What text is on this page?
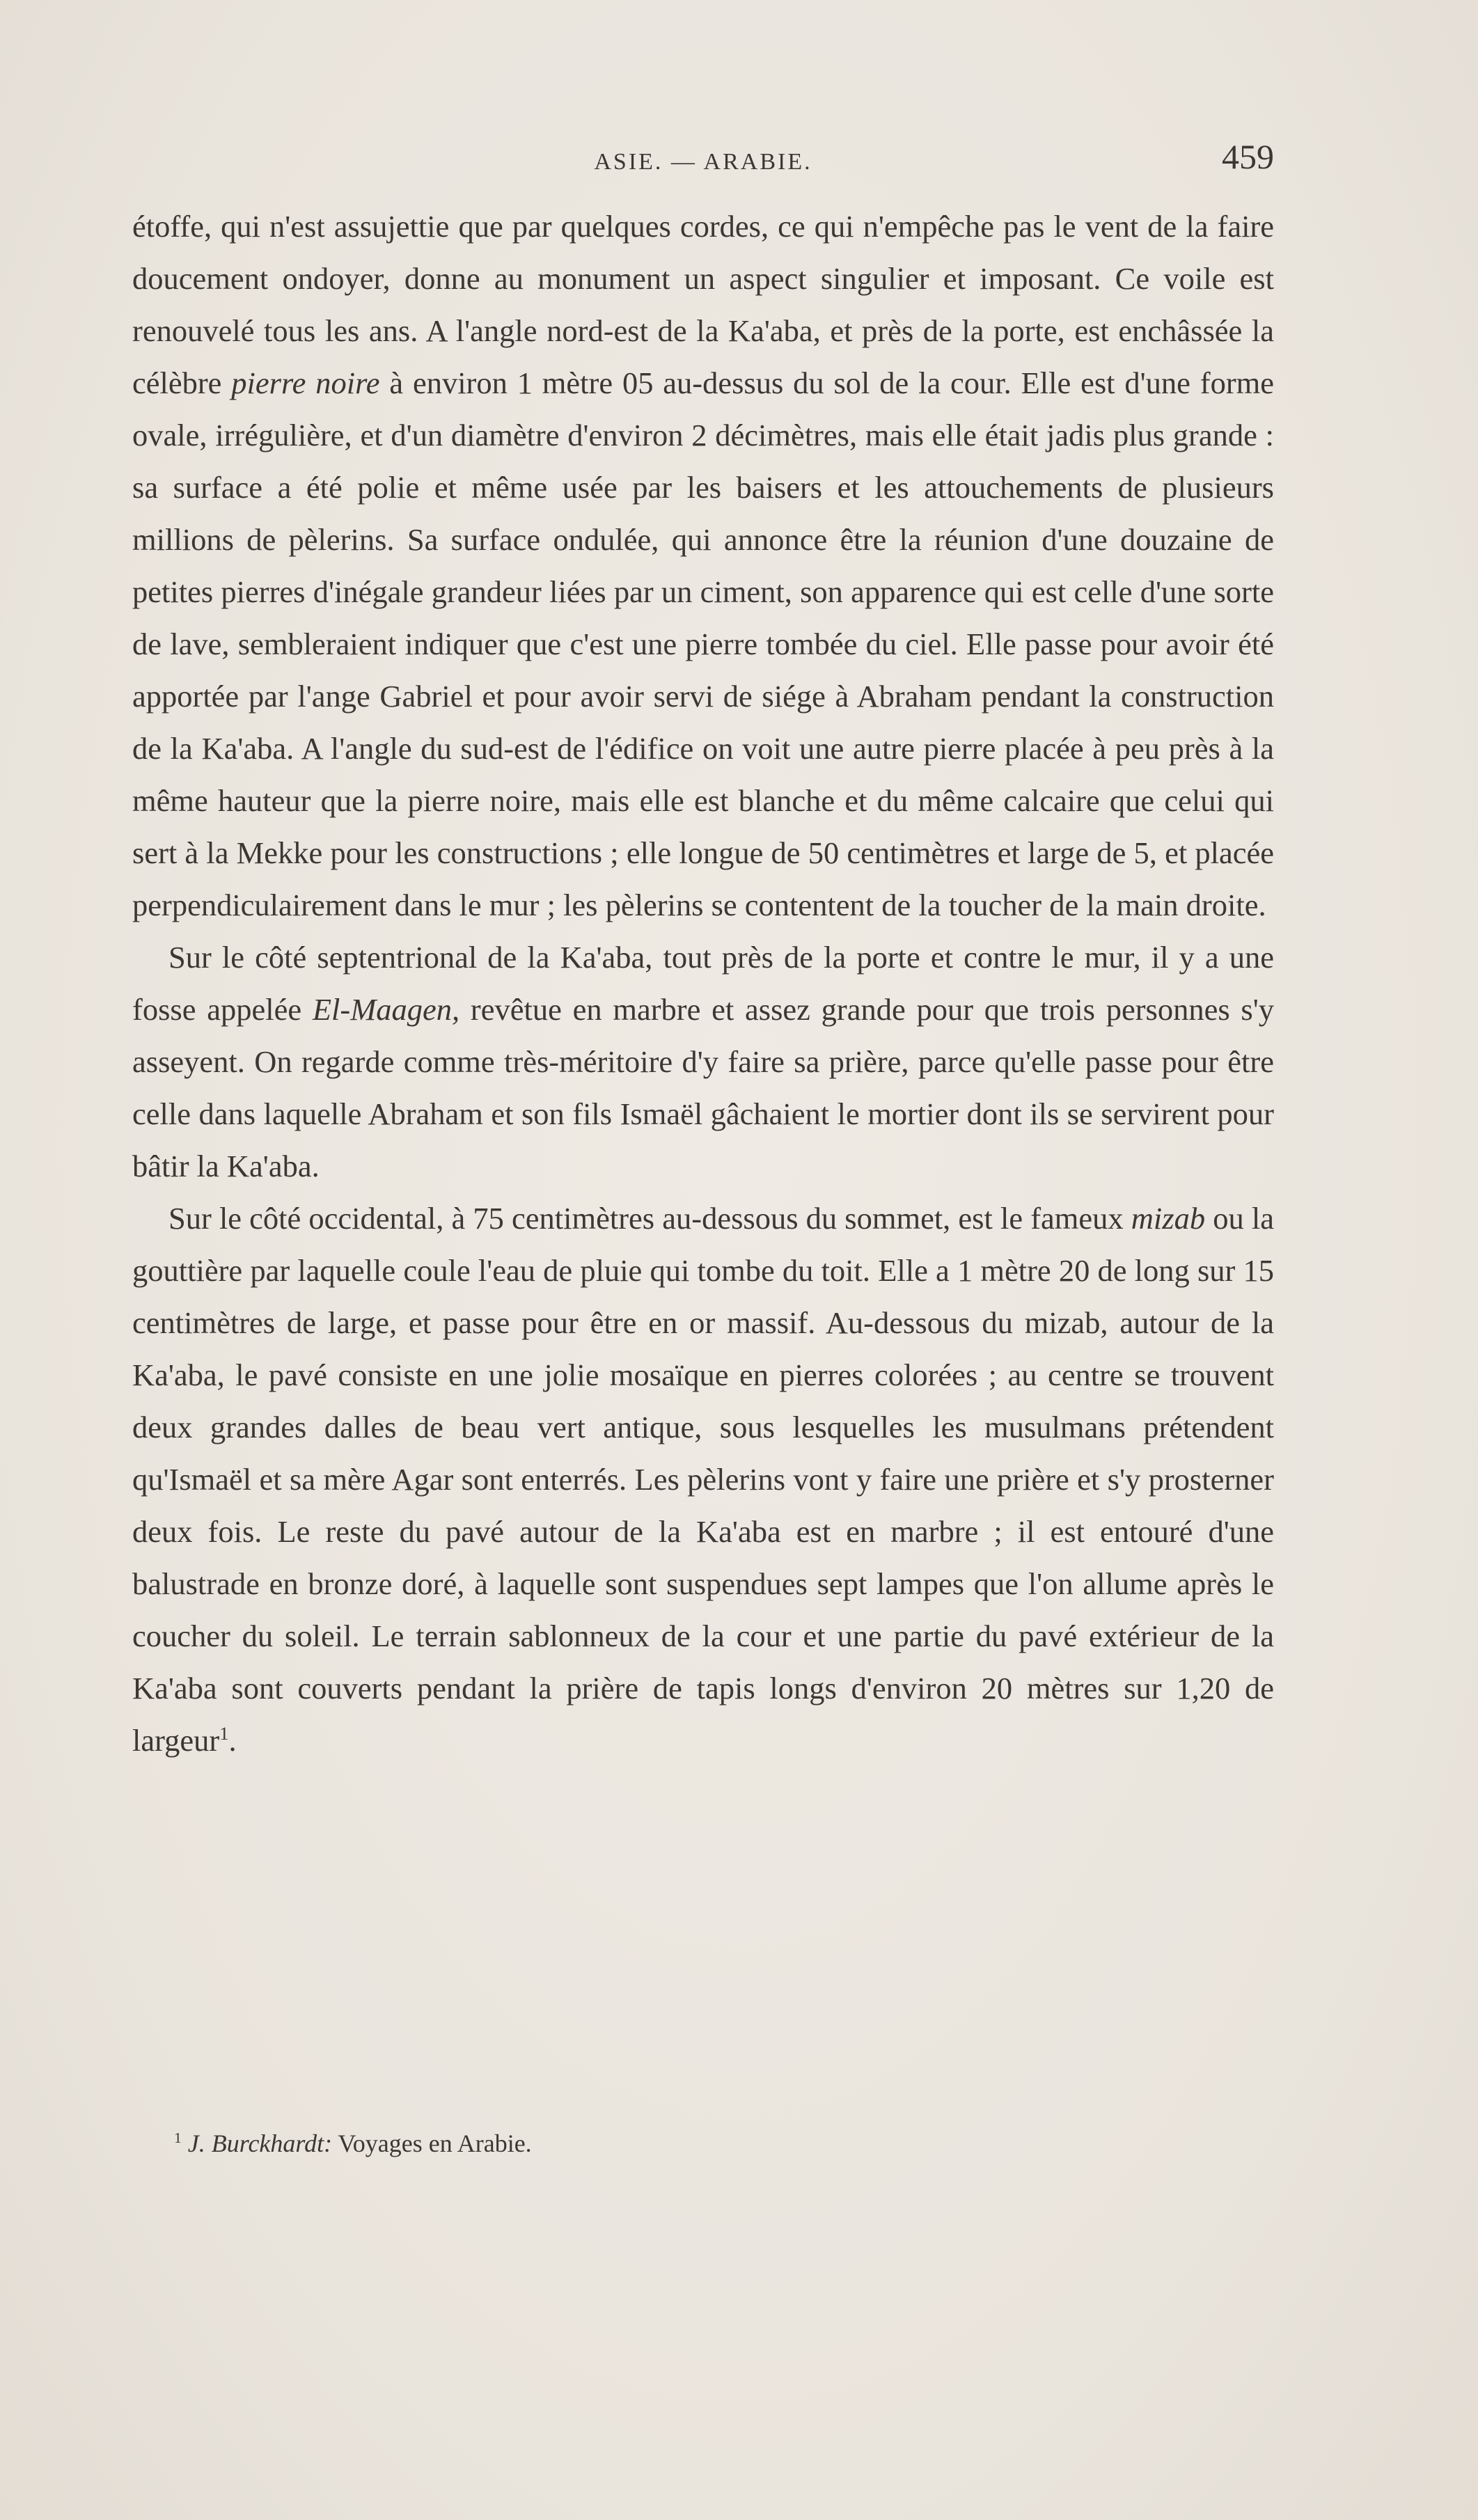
ASIE. — ARABIE.	459

étoffe, qui n'est assujettie que par quelques cordes, ce qui n'empêche pas le vent de la faire doucement ondoyer, donne au monument un aspect singulier et imposant. Ce voile est renouvelé tous les ans. A l'angle nord-est de la Ka'aba, et près de la porte, est enchâssée la célèbre pierre noire à environ 1 mètre 05 au-dessus du sol de la cour. Elle est d'une forme ovale, irrégulière, et d'un diamètre d'environ 2 décimètres, mais elle était jadis plus grande : sa surface a été polie et même usée par les baisers et les attouchements de plusieurs millions de pèlerins. Sa surface ondulée, qui annonce être la réunion d'une douzaine de petites pierres d'inégale grandeur liées par un ciment, son apparence qui est celle d'une sorte de lave, sembleraient indiquer que c'est une pierre tombée du ciel. Elle passe pour avoir été apportée par l'ange Gabriel et pour avoir servi de siége à Abraham pendant la construction de la Ka'aba. A l'angle du sud-est de l'édifice on voit une autre pierre placée à peu près à la même hauteur que la pierre noire, mais elle est blanche et du même calcaire que celui qui sert à la Mekke pour les constructions ; elle longue de 50 centimètres et large de 5, et placée perpendiculairement dans le mur ; les pèlerins se contentent de la toucher de la main droite.

Sur le côté septentrional de la Ka'aba, tout près de la porte et contre le mur, il y a une fosse appelée El-Maagen, revêtue en marbre et assez grande pour que trois personnes s'y asseyent. On regarde comme très-méritoire d'y faire sa prière, parce qu'elle passe pour être celle dans laquelle Abraham et son fils Ismaël gâchaient le mortier dont ils se servirent pour bâtir la Ka'aba.

Sur le côté occidental, à 75 centimètres au-dessous du sommet, est le fameux mizab ou la gouttière par laquelle coule l'eau de pluie qui tombe du toit. Elle a 1 mètre 20 de long sur 15 centimètres de large, et passe pour être en or massif. Au-dessous du mizab, autour de la Ka'aba, le pavé consiste en une jolie mosaïque en pierres colorées ; au centre se trouvent deux grandes dalles de beau vert antique, sous lesquelles les musulmans prétendent qu'Ismaël et sa mère Agar sont enterrés. Les pèlerins vont y faire une prière et s'y prosterner deux fois. Le reste du pavé autour de la Ka'aba est en marbre ; il est entouré d'une balustrade en bronze doré, à laquelle sont suspendues sept lampes que l'on allume après le coucher du soleil. Le terrain sablonneux de la cour et une partie du pavé extérieur de la Ka'aba sont couverts pendant la prière de tapis longs d'environ 20 mètres sur 1,20 de largeur$^1$.

$^1$ J. Burckhardt: Voyages en Arabie.
